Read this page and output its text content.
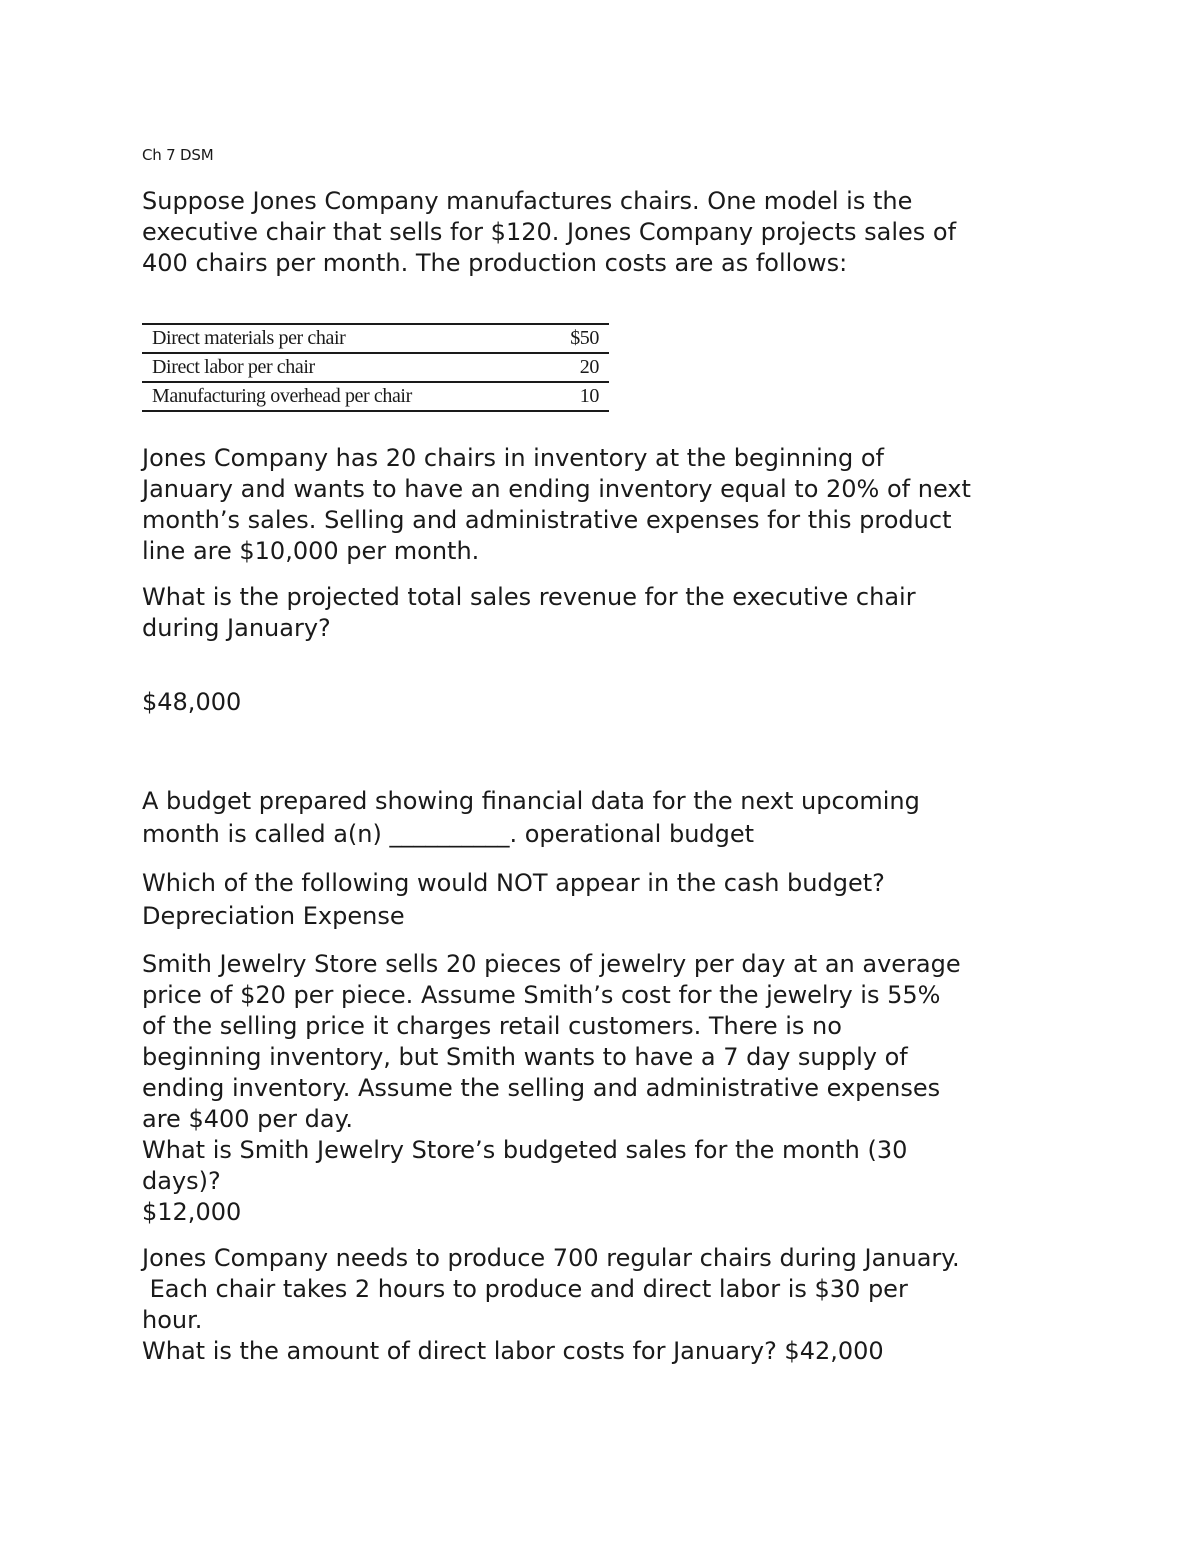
Ch 7 DSM
Suppose Jones Company manufactures chairs. One model is the
executive chair that sells for $120. Jones Company projects sales of
400 chairs per month. The production costs are as follows:
Direct materials per chair	$50
Direct labor per chair	20
Manufacturing overhead per chair	10
Jones Company has 20 chairs in inventory at the beginning of
January and wants to have an ending inventory equal to 20% of next
month’s sales. Selling and administrative expenses for this product
line are $10,000 per month.
What is the projected total sales revenue for the executive chair
during January?
$48,000
A budget prepared showing financial data for the next upcoming
month is called a(n) __________. operational budget
Which of the following would NOT appear in the cash budget?
Depreciation Expense
Smith Jewelry Store sells 20 pieces of jewelry per day at an average
price of $20 per piece. Assume Smith’s cost for the jewelry is 55%
of the selling price it charges retail customers. There is no
beginning inventory, but Smith wants to have a 7 day supply of
ending inventory. Assume the selling and administrative expenses
are $400 per day.
What is Smith Jewelry Store’s budgeted sales for the month (30
days)?
$12,000
Jones Company needs to produce 700 regular chairs during January.
Each chair takes 2 hours to produce and direct labor is $30 per
hour.
What is the amount of direct labor costs for January? $42,000
